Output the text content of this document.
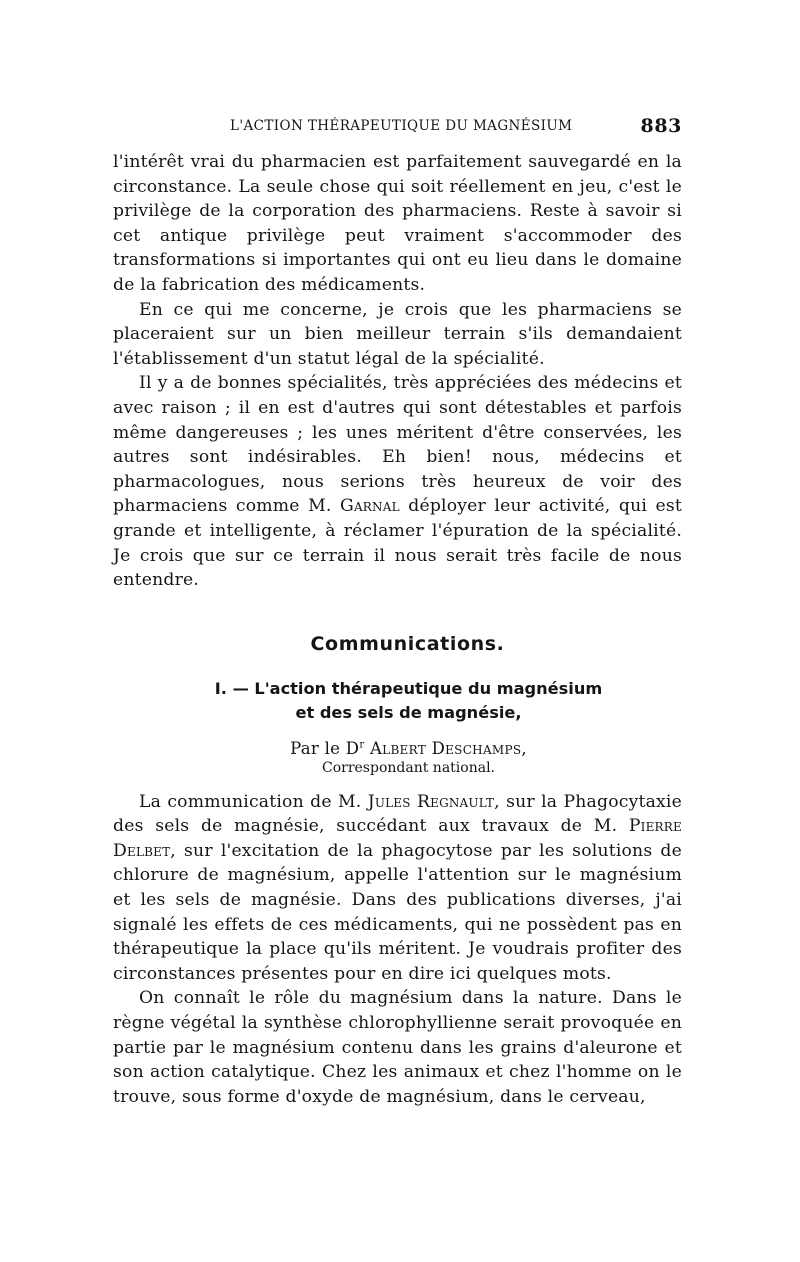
L'ACTION THÉRAPEUTIQUE DU MAGNÉSIUM	883

l'intérêt vrai du pharmacien est parfaitement sauvegardé en la circonstance. La seule chose qui soit réellement en jeu, c'est le privilège de la corporation des pharmaciens. Reste à savoir si cet antique privilège peut vraiment s'accommoder des transformations si importantes qui ont eu lieu dans le domaine de la fabrication des médicaments.

En ce qui me concerne, je crois que les pharmaciens se placeraient sur un bien meilleur terrain s'ils demandaient l'établissement d'un statut légal de la spécialité.

Il y a de bonnes spécialités, très appréciées des médecins et avec raison ; il en est d'autres qui sont détestables et parfois même dangereuses ; les unes méritent d'être conservées, les autres sont indésirables. Eh bien! nous, médecins et pharmacologues, nous serions très heureux de voir des pharmaciens comme M. Garnal déployer leur activité, qui est grande et intelligente, à réclamer l'épuration de la spécialité. Je crois que sur ce terrain il nous serait très facile de nous entendre.

Communications.
I. — L'action thérapeutique du magnésium
et des sels de magnésie,
Par le $D^r$ Albert Deschamps,
Correspondant national.

La communication de M. Jules Regnault, sur la Phagocytaxie des sels de magnésie, succédant aux travaux de M. Pierre Delbet, sur l'excitation de la phagocytose par les solutions de chlorure de magnésium, appelle l'attention sur le magnésium et les sels de magnésie. Dans des publications diverses, j'ai signalé les effets de ces médicaments, qui ne possèdent pas en thérapeutique la place qu'ils méritent. Je voudrais profiter des circonstances présentes pour en dire ici quelques mots.

On connaît le rôle du magnésium dans la nature. Dans le règne végétal la synthèse chlorophyllienne serait provoquée en partie par le magnésium contenu dans les grains d'aleurone et son action catalytique. Chez les animaux et chez l'homme on le trouve, sous forme d'oxyde de magnésium, dans le cerveau,
